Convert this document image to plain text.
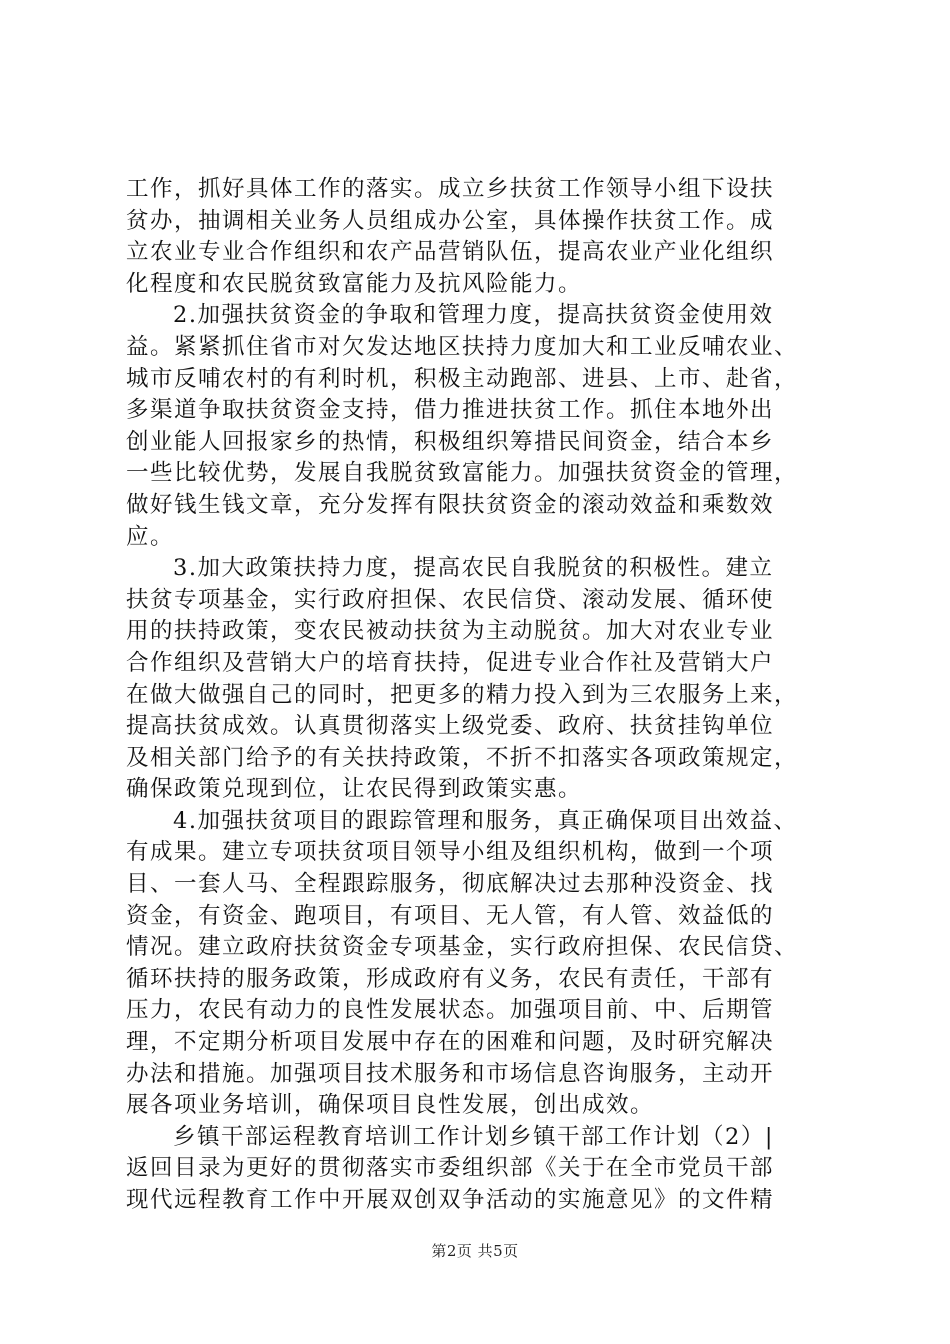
工作，抓好具体工作的落实。成立乡扶贫工作领导小组下设扶
贫办，抽调相关业务人员组成办公室，具体操作扶贫工作。成
立农业专业合作组织和农产品营销队伍，提高农业产业化组织
化程度和农民脱贫致富能力及抗风险能力。
2.加强扶贫资金的争取和管理力度，提高扶贫资金使用效
益。紧紧抓住省市对欠发达地区扶持力度加大和工业反哺农业、
城市反哺农村的有利时机，积极主动跑部、进县、上市、赴省，
多渠道争取扶贫资金支持，借力推进扶贫工作。抓住本地外出
创业能人回报家乡的热情，积极组织筹措民间资金，结合本乡
一些比较优势，发展自我脱贫致富能力。加强扶贫资金的管理，
做好钱生钱文章，充分发挥有限扶贫资金的滚动效益和乘数效
应。
3.加大政策扶持力度，提高农民自我脱贫的积极性。建立
扶贫专项基金，实行政府担保、农民信贷、滚动发展、循环使
用的扶持政策，变农民被动扶贫为主动脱贫。加大对农业专业
合作组织及营销大户的培育扶持，促进专业合作社及营销大户
在做大做强自己的同时，把更多的精力投入到为三农服务上来，
提高扶贫成效。认真贯彻落实上级党委、政府、扶贫挂钩单位
及相关部门给予的有关扶持政策，不折不扣落实各项政策规定，
确保政策兑现到位，让农民得到政策实惠。
4.加强扶贫项目的跟踪管理和服务，真正确保项目出效益、
有成果。建立专项扶贫项目领导小组及组织机构，做到一个项
目、一套人马、全程跟踪服务，彻底解决过去那种没资金、找
资金，有资金、跑项目，有项目、无人管，有人管、效益低的
情况。建立政府扶贫资金专项基金，实行政府担保、农民信贷、
循环扶持的服务政策，形成政府有义务，农民有责任，干部有
压力，农民有动力的良性发展状态。加强项目前、中、后期管
理，不定期分析项目发展中存在的困难和问题，及时研究解决
办法和措施。加强项目技术服务和市场信息咨询服务，主动开
展各项业务培训，确保项目良性发展，创出成效。
乡镇干部运程教育培训工作计划乡镇干部工作计划（2）|
返回目录为更好的贯彻落实市委组织部《关于在全市党员干部
现代远程教育工作中开展双创双争活动的实施意见》的文件精
第2页 共5页
